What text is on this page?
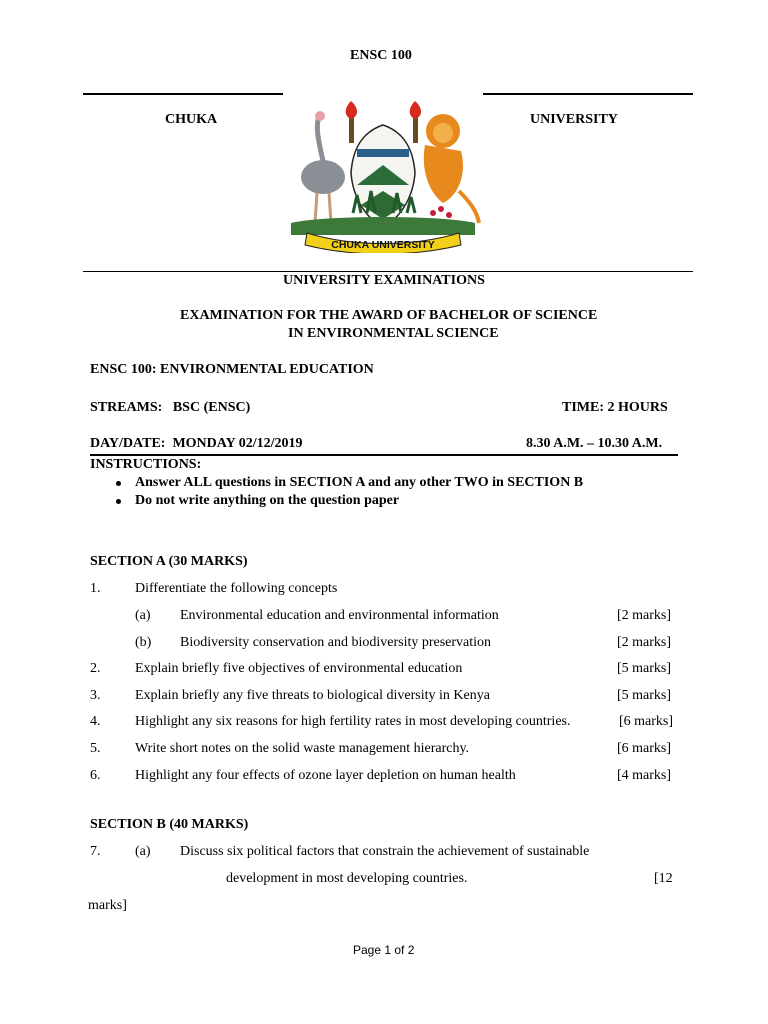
ENSC 100
CHUKA	UNIVERSITY
CHUKA UNIVERSITY
UNIVERSITY EXAMINATIONS
EXAMINATION FOR THE AWARD OF BACHELOR OF SCIENCE
IN ENVIRONMENTAL SCIENCE
ENSC 100: ENVIRONMENTAL EDUCATION
STREAMS:   BSC (ENSC)	TIME: 2 HOURS
DAY/DATE:  MONDAY 02/12/2019	8.30 A.M. – 10.30 A.M.
INSTRUCTIONS:
Answer ALL questions in SECTION A and any other TWO in SECTION B
Do not write anything on the question paper
SECTION A (30 MARKS)
1. Differentiate the following concepts
(a) Environmental education and environmental information	[2 marks]
(b) Biodiversity conservation and biodiversity preservation	[2 marks]
2. Explain briefly five objectives of environmental education	[5 marks]
3. Explain briefly any five threats to biological diversity in Kenya	[5 marks]
4. Highlight any six reasons for high fertility rates in most developing countries.	[6 marks]
5. Write short notes on the solid waste management hierarchy.	[6 marks]
6. Highlight any four effects of ozone layer depletion on human health	[4 marks]
SECTION B (40 MARKS)
7. (a) Discuss six political factors that constrain the achievement of sustainable
development in most developing countries.	[12
marks]
Page 1 of 2
